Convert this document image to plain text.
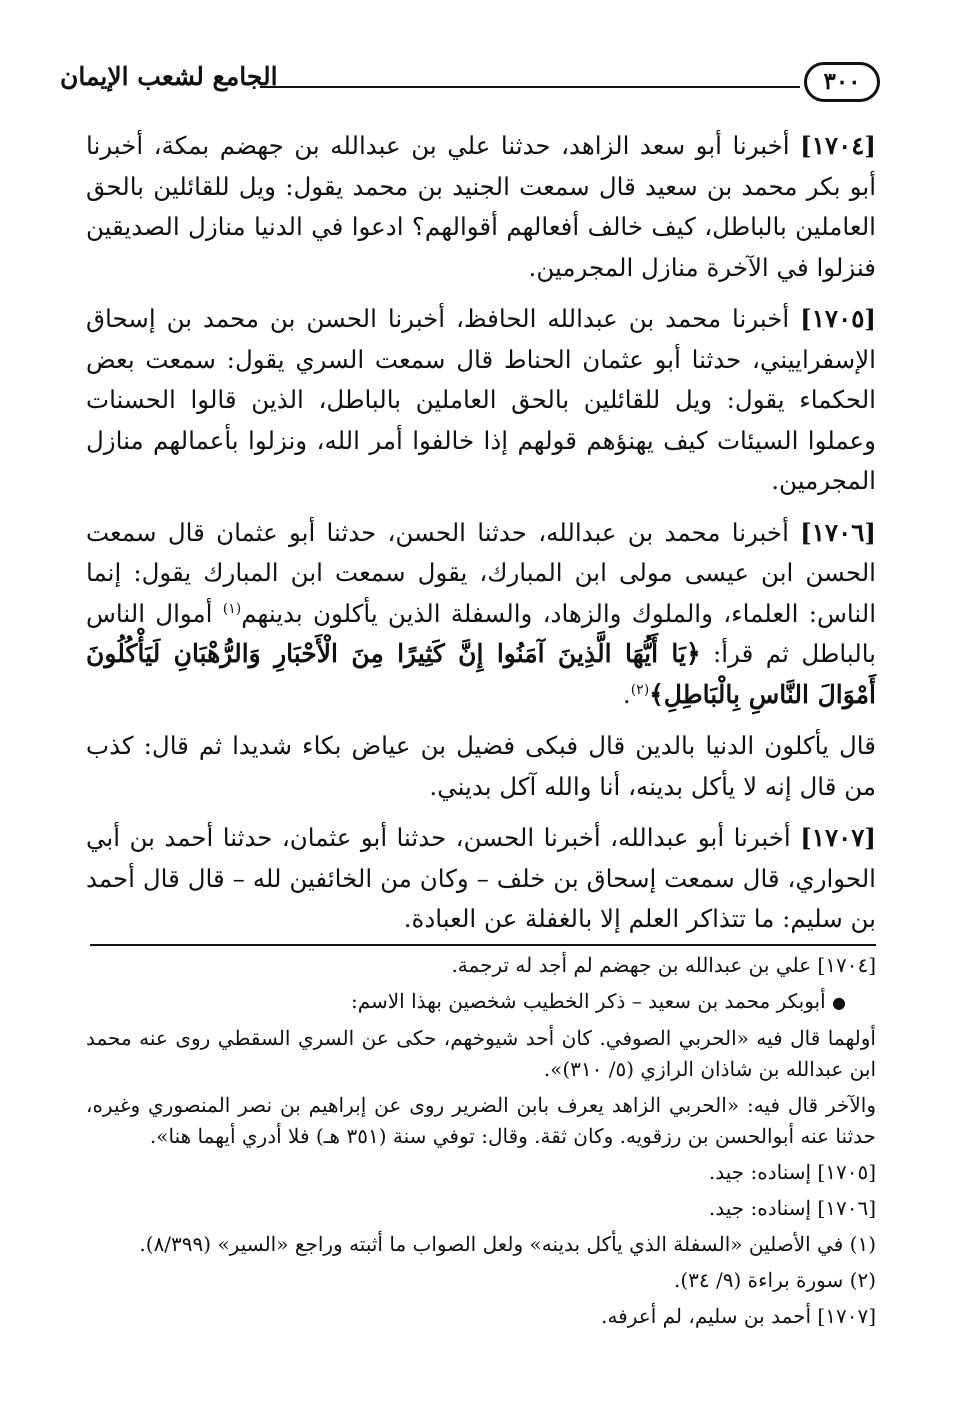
٣٠٠
الجامع لشعب الإيمان

[١٧٠٤] أخبرنا أبو سعد الزاهد، حدثنا علي بن عبدالله بن جهضم بمكة، أخبرنا أبو بكر محمد بن سعيد قال سمعت الجنيد بن محمد يقول: ويل للقائلين بالحق العاملين بالباطل، كيف خالف أفعالهم أقوالهم؟ ادعوا في الدنيا منازل الصديقين فنزلوا في الآخرة منازل المجرمين.

[١٧٠٥] أخبرنا محمد بن عبدالله الحافظ، أخبرنا الحسن بن محمد بن إسحاق الإسفراييني، حدثنا أبو عثمان الحناط قال سمعت السري يقول: سمعت بعض الحكماء يقول: ويل للقائلين بالحق العاملين بالباطل، الذين قالوا الحسنات وعملوا السيئات كيف يهنؤهم قولهم إذا خالفوا أمر الله، ونزلوا بأعمالهم منازل المجرمين.

[١٧٠٦] أخبرنا محمد بن عبدالله، حدثنا الحسن، حدثنا أبو عثمان قال سمعت الحسن ابن عيسى مولى ابن المبارك، يقول سمعت ابن المبارك يقول: إنما الناس: العلماء، والملوك والزهاد، والسفلة الذين يأكلون بدينهم$^{(١)}$ أموال الناس بالباطل ثم قرأ: ﴿يَا أَيُّهَا الَّذِينَ آمَنُوا إِنَّ كَثِيرًا مِنَ الْأَحْبَارِ وَالرُّهْبَانِ لَيَأْكُلُونَ أَمْوَالَ النَّاسِ بِالْبَاطِلِ﴾$^{(٢)}$.

قال يأكلون الدنيا بالدين قال فبكى فضيل بن عياض بكاء شديدا ثم قال: كذب من قال إنه لا يأكل بدينه، أنا والله آكل بديني.

[١٧٠٧] أخبرنا أبو عبدالله، أخبرنا الحسن، حدثنا أبو عثمان، حدثنا أحمد بن أبي الحواري، قال سمعت إسحاق بن خلف – وكان من الخائفين لله – قال قال أحمد بن سليم: ما تتذاكر العلم إلا بالغفلة عن العبادة.

[١٧٠٤] علي بن عبدالله بن جهضم لم أجد له ترجمة.

● أبوبكر محمد بن سعيد – ذكر الخطيب شخصين بهذا الاسم:

أولهما قال فيه «الحربي الصوفي. كان أحد شيوخهم، حكى عن السري السقطي روى عنه محمد ابن عبدالله بن شاذان الرازي (٥/ ٣١٠)».

والآخر قال فيه: «الحربي الزاهد يعرف بابن الضرير روى عن إبراهيم بن نصر المنصوري وغيره، حدثنا عنه أبوالحسن بن رزقويه. وكان ثقة. وقال: توفي سنة (٣٥١ هـ) فلا أدري أيهما هنا».

[١٧٠٥] إسناده: جيد.

[١٧٠٦] إسناده: جيد.

(١) في الأصلين «السفلة الذي يأكل بدينه» ولعل الصواب ما أثبته وراجع «السير» (٨/٣٩٩).

(٢) سورة براءة (٩/ ٣٤).

[١٧٠٧] أحمد بن سليم، لم أعرفه.
